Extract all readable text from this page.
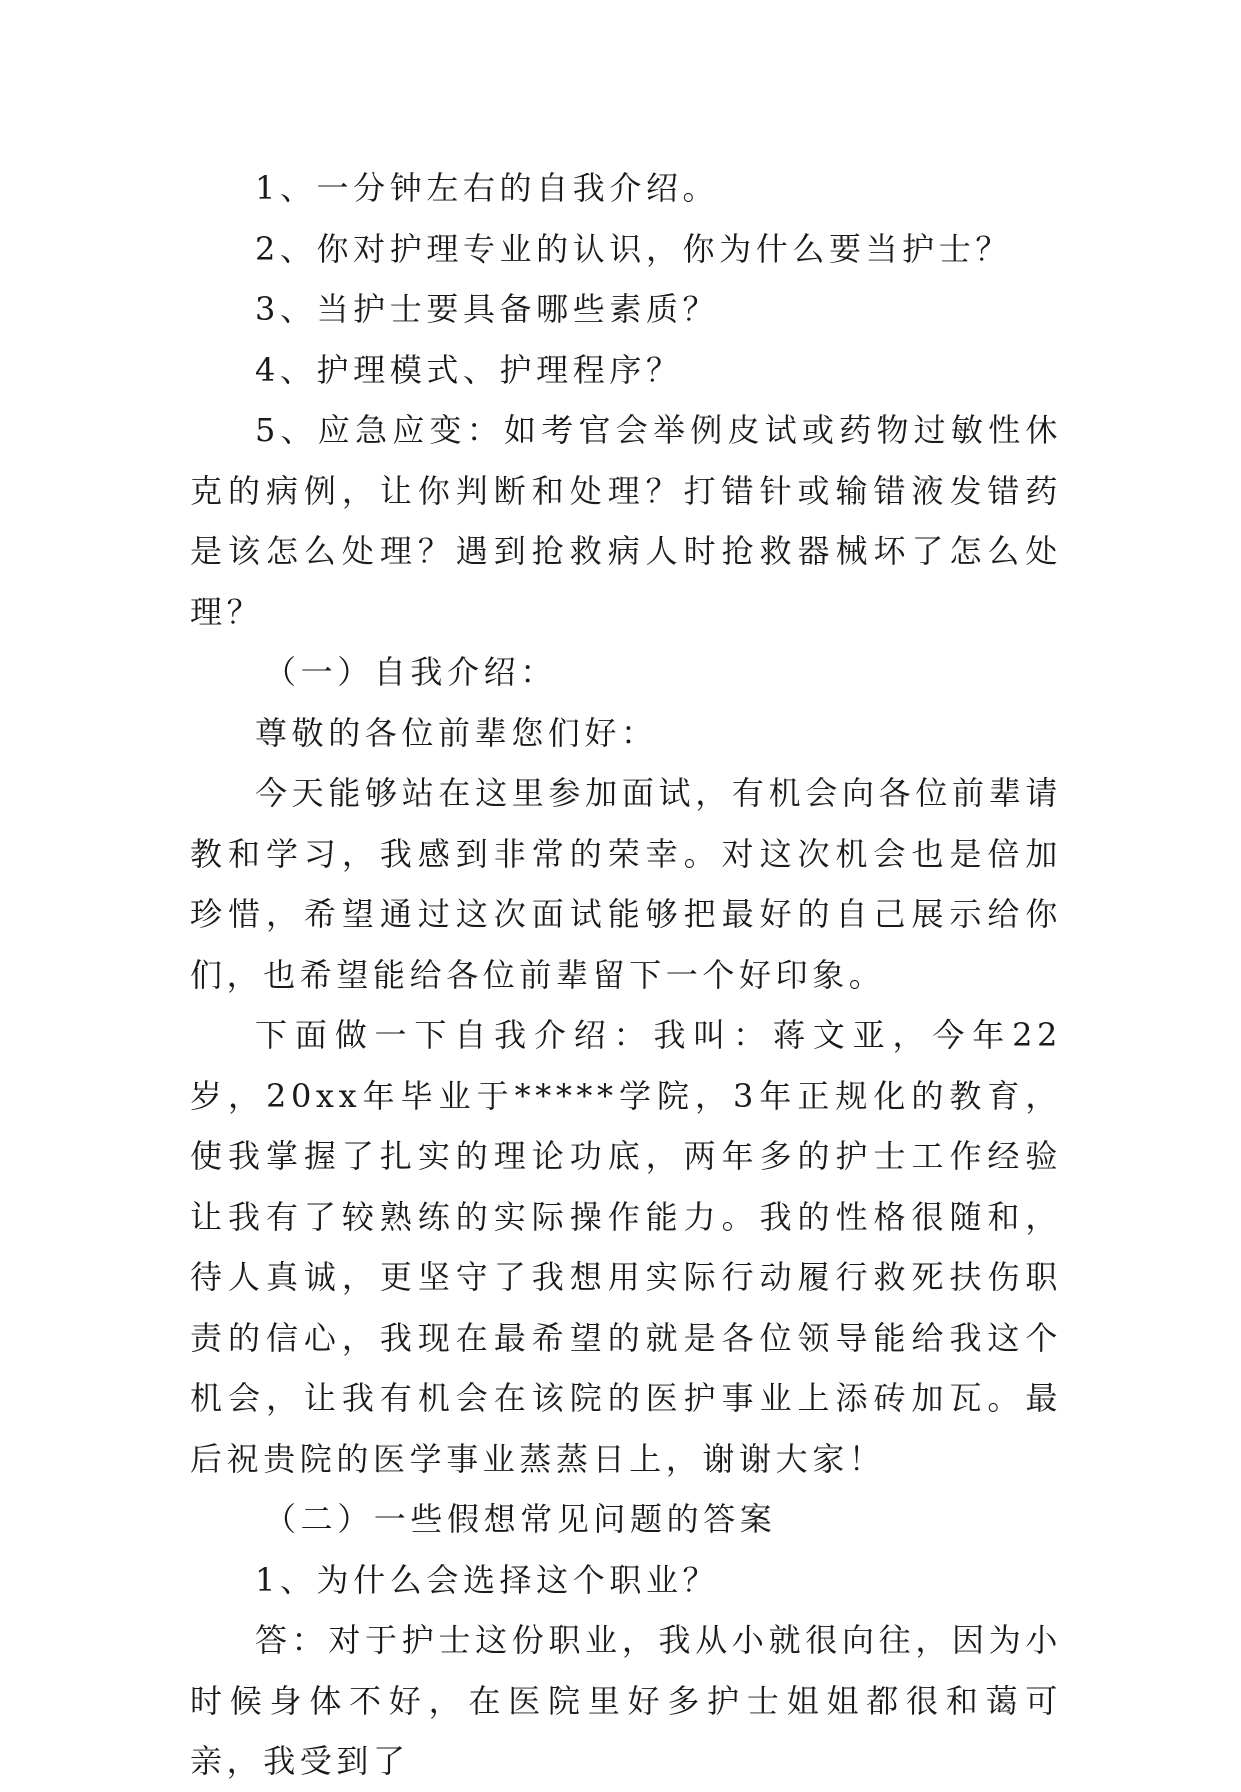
1、一分钟左右的自我介绍。

2、你对护理专业的认识，你为什么要当护士？

3、当护士要具备哪些素质？

4、护理模式、护理程序？

5、应急应变：如考官会举例皮试或药物过敏性休克的病例，让你判断和处理？打错针或输错液发错药是该怎么处理？遇到抢救病人时抢救器械坏了怎么处理？

（一）自我介绍：

尊敬的各位前辈您们好：

今天能够站在这里参加面试，有机会向各位前辈请教和学习，我感到非常的荣幸。对这次机会也是倍加珍惜，希望通过这次面试能够把最好的自己展示给你们，也希望能给各位前辈留下一个好印象。

下面做一下自我介绍：我叫：蒋文亚，今年22岁，20xx年毕业于*****学院，3年正规化的教育，使我掌握了扎实的理论功底，两年多的护士工作经验让我有了较熟练的实际操作能力。我的性格很随和，待人真诚，更坚守了我想用实际行动履行救死扶伤职责的信心，我现在最希望的就是各位领导能给我这个机会，让我有机会在该院的医护事业上添砖加瓦。最后祝贵院的医学事业蒸蒸日上，谢谢大家！

（二）一些假想常见问题的答案

1、为什么会选择这个职业？

答：对于护士这份职业，我从小就很向往，因为小时候身体不好，在医院里好多护士姐姐都很和蔼可亲，我受到了
